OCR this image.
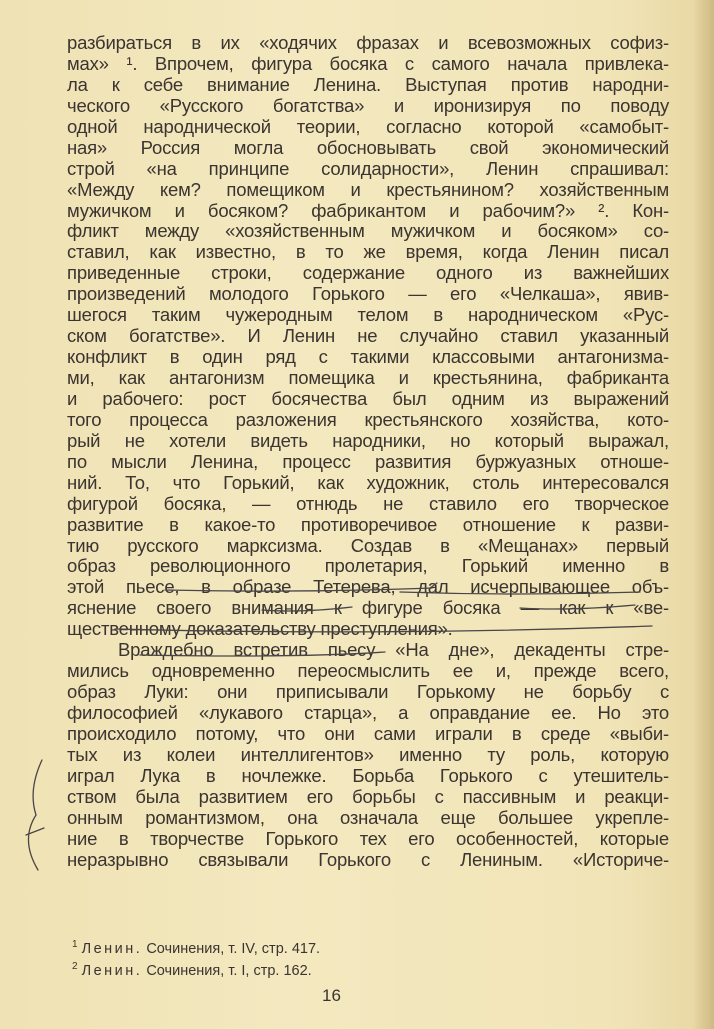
разбираться в их «ходячих фразах и всевозможных софиз-
мах» ¹. Впрочем, фигура босяка с самого начала привлека-
ла к себе внимание Ленина. Выступая против народни-
ческого «Русского богатства» и иронизируя по поводу
одной народнической теории, согласно которой «самобыт-
ная» Россия могла обосновывать свой экономический
строй «на принципе солидарности», Ленин спрашивал:
«Между кем? помещиком и крестьянином? хозяйственным
мужичком и босяком? фабрикантом и рабочим?» ². Кон-
фликт между «хозяйственным мужичком и босяком» со-
ставил, как известно, в то же время, когда Ленин писал
приведенные строки, содержание одного из важнейших
произведений молодого Горького — его «Челкаша», явив-
шегося таким чужеродным телом в народническом «Рус-
ском богатстве». И Ленин не случайно ставил указанный
конфликт в один ряд с такими классовыми антагонизма-
ми, как антагонизм помещика и крестьянина, фабриканта
и рабочего: рост босячества был одним из выражений
того процесса разложения крестьянского хозяйства, кото-
рый не хотели видеть народники, но который выражал,
по мысли Ленина, процесс развития буржуазных отноше-
ний. То, что Горький, как художник, столь интересовался
фигурой босяка, — отнюдь не ставило его творческое
развитие в какое-то противоречивое отношение к разви-
тию русского марксизма. Создав в «Мещанах» первый
образ революционного пролетария, Горький именно в
этой пьесе, в образе Тетерева, дал исчерпывающее объ-
яснение своего внимания к фигуре босяка — как к «ве-
щественному доказательству преступления».
Враждебно встретив пьесу «На дне», декаденты стре-
мились одновременно переосмыслить ее и, прежде всего,
образ Луки: они приписывали Горькому не борьбу с
философией «лукавого старца», а оправдание ее. Но это
происходило потому, что они сами играли в среде «выби-
тых из колеи интеллигентов» именно ту роль, которую
играл Лука в ночлежке. Борьба Горького с утешитель-
ством была развитием его борьбы с пассивным и реакци-
онным романтизмом, она означала еще большее укрепле-
ние в творчестве Горького тех его особенностей, которые
неразрывно связывали Горького с Лениным. «Историче-
$^1$ Ленин. Сочинения, т. IV, стр. 417.
$^2$ Ленин. Сочинения, т. I, стр. 162.
16
